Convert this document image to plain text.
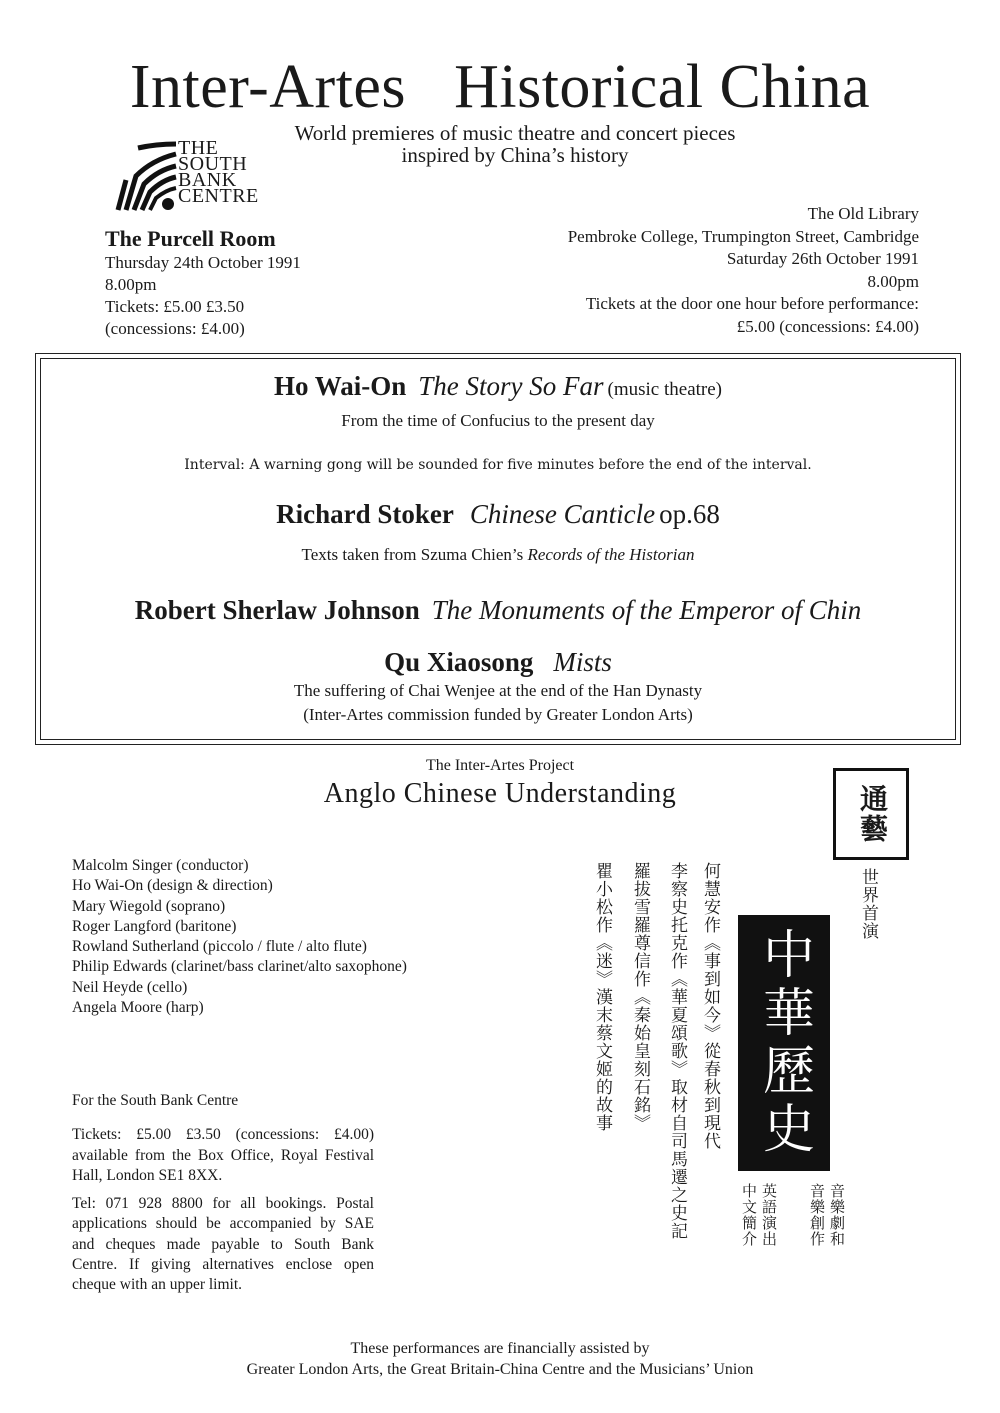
Inter-Artes   Historical China
World premieres of music theatre and concert pieces
inspired by China’s history
THE
SOUTH
BANK
CENTRE
The Purcell Room
Thursday 24th October 1991
8.00pm
Tickets: £5.00 £3.50
(concessions: £4.00)
The Old Library
Pembroke College, Trumpington Street, Cambridge
Saturday 26th October 1991
8.00pm
Tickets at the door one hour before performance:
£5.00 (concessions: £4.00)
Ho Wai-On The Story So Far (music theatre)
From the time of Confucius to the present day
Interval: A warning gong will be sounded for five minutes before the end of the interval.
Richard Stoker Chinese Canticle op.68
Texts taken from Szuma Chien’s Records of the Historian
Robert Sherlaw Johnson The Monuments of the Emperor of Chin
Qu Xiaosong Mists
The suffering of Chai Wenjee at the end of the Han Dynasty
(Inter-Artes commission funded by Greater London Arts)
The Inter-Artes Project
Anglo Chinese Understanding
Malcolm Singer (conductor)
Ho Wai-On (design & direction)
Mary Wiegold (soprano)
Roger Langford (baritone)
Rowland Sutherland (piccolo / flute / alto flute)
Philip Edwards (clarinet/bass clarinet/alto saxophone)
Neil Heyde (cello)
Angela Moore (harp)

For the South Bank Centre

Tickets: £5.00 £3.50 (concessions: £4.00) available from the Box Office, Royal Festival Hall, London SE1 8XX.

Tel: 071 928 8800 for all bookings. Postal applications should be accompanied by SAE and cheques made payable to South Bank Centre. If giving alternatives enclose open cheque with an upper limit.

何慧安作《事到如今》從春秋到現代
李察史托克作《華夏頌歌》取材自司馬遷之史記
羅拔雪羅尊信作《秦始皇刻石銘》
瞿小松作《迷》漢末蔡文姬的故事
通藝
世界首演
中華歷史
音樂劇和
音樂創作
英語演出
中文簡介
These performances are financially assisted by
Greater London Arts, the Great Britain-China Centre and the Musicians’ Union
